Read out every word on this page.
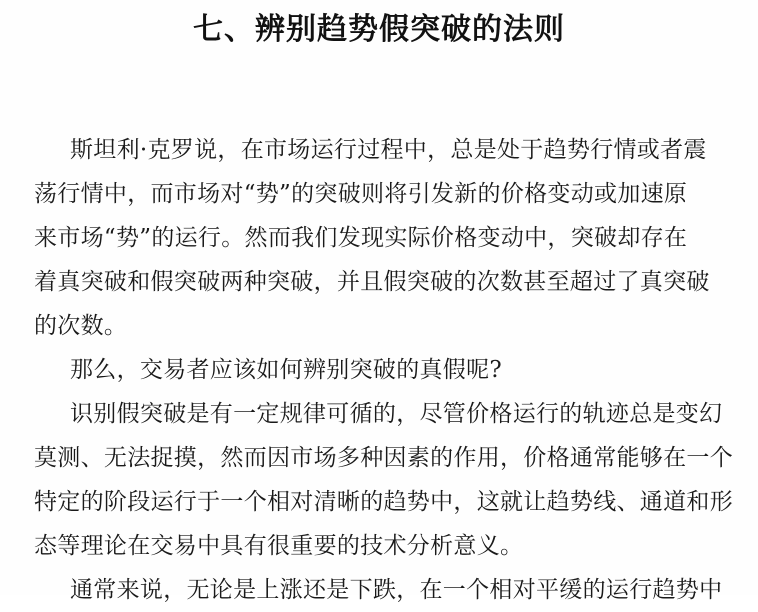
七、辨别趋势假突破的法则

斯坦利·克罗说，在市场运行过程中，总是处于趋势行情或者震

荡行情中，而市场对“势”的突破则将引发新的价格变动或加速原

来市场“势”的运行。然而我们发现实际价格变动中，突破却存在

着真突破和假突破两种突破，并且假突破的次数甚至超过了真突破

的次数。

那么，交易者应该如何辨别突破的真假呢?

识别假突破是有一定规律可循的，尽管价格运行的轨迹总是变幻

莫测、无法捉摸，然而因市场多种因素的作用，价格通常能够在一个

特定的阶段运行于一个相对清晰的趋势中，这就让趋势线、通道和形

态等理论在交易中具有很重要的技术分析意义。

通常来说，无论是上涨还是下跌，在一个相对平缓的运行趋势中
